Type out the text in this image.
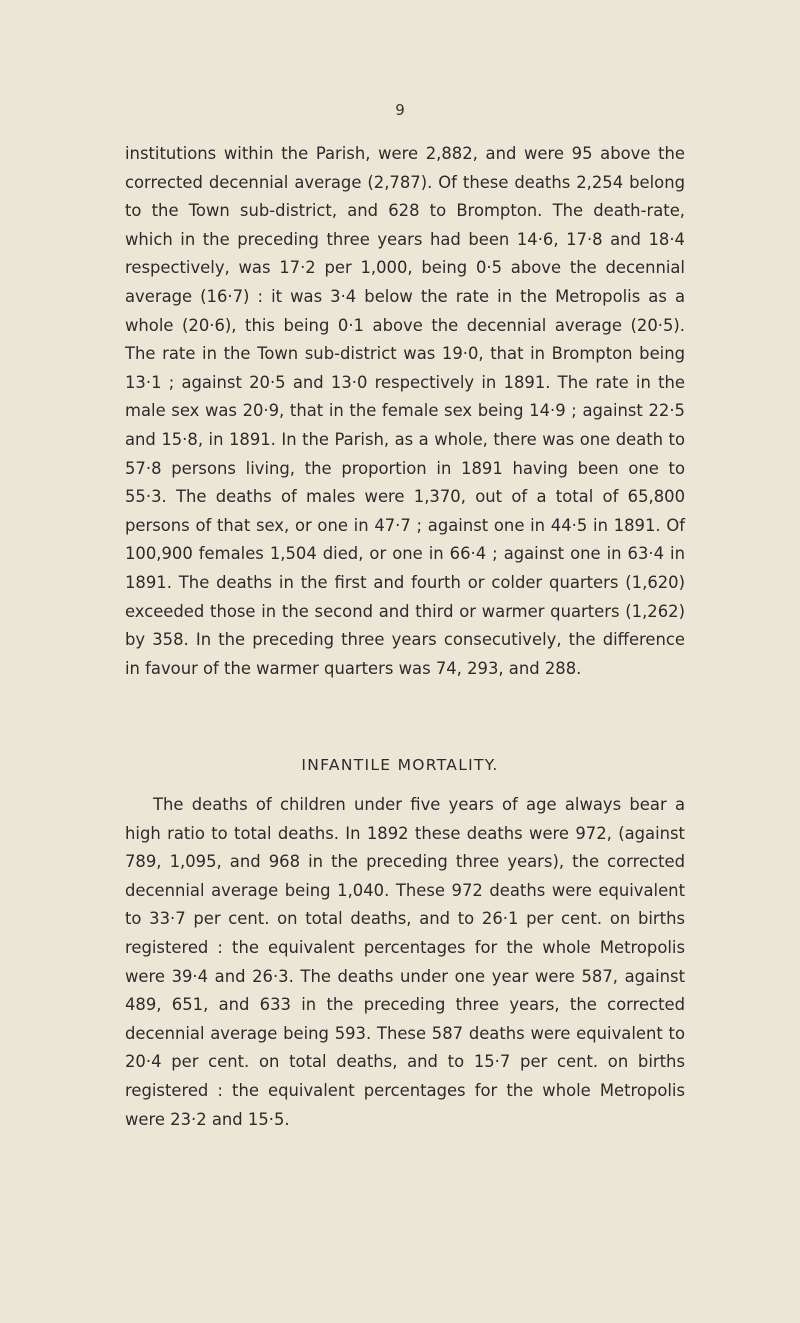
9

institutions within the Parish, were 2,882, and were 95 above the corrected decennial average (2,787). Of these deaths 2,254 belong to the Town sub-district, and 628 to Brompton. The death-rate, which in the preceding three years had been 14·6, 17·8 and 18·4 respectively, was 17·2 per 1,000, being 0·5 above the decennial average (16·7) : it was 3·4 below the rate in the Metropolis as a whole (20·6), this being 0·1 above the decennial average (20·5). The rate in the Town sub-district was 19·0, that in Brompton being 13·1 ; against 20·5 and 13·0 respectively in 1891. The rate in the male sex was 20·9, that in the female sex being 14·9 ; against 22·5 and 15·8, in 1891. In the Parish, as a whole, there was one death to 57·8 persons living, the proportion in 1891 having been one to 55·3. The deaths of males were 1,370, out of a total of 65,800 persons of that sex, or one in 47·7 ; against one in 44·5 in 1891. Of 100,900 females 1,504 died, or one in 66·4 ; against one in 63·4 in 1891. The deaths in the first and fourth or colder quarters (1,620) exceeded those in the second and third or warmer quarters (1,262) by 358. In the preceding three years consecutively, the difference in favour of the warmer quarters was 74, 293, and 288.

INFANTILE MORTALITY.

The deaths of children under five years of age always bear a high ratio to total deaths. In 1892 these deaths were 972, (against 789, 1,095, and 968 in the preceding three years), the corrected decennial average being 1,040. These 972 deaths were equivalent to 33·7 per cent. on total deaths, and to 26·1 per cent. on births registered : the equivalent percentages for the whole Metropolis were 39·4 and 26·3. The deaths under one year were 587, against 489, 651, and 633 in the preceding three years, the corrected decennial average being 593. These 587 deaths were equivalent to 20·4 per cent. on total deaths, and to 15·7 per cent. on births registered : the equivalent percentages for the whole Metropolis were 23·2 and 15·5.
